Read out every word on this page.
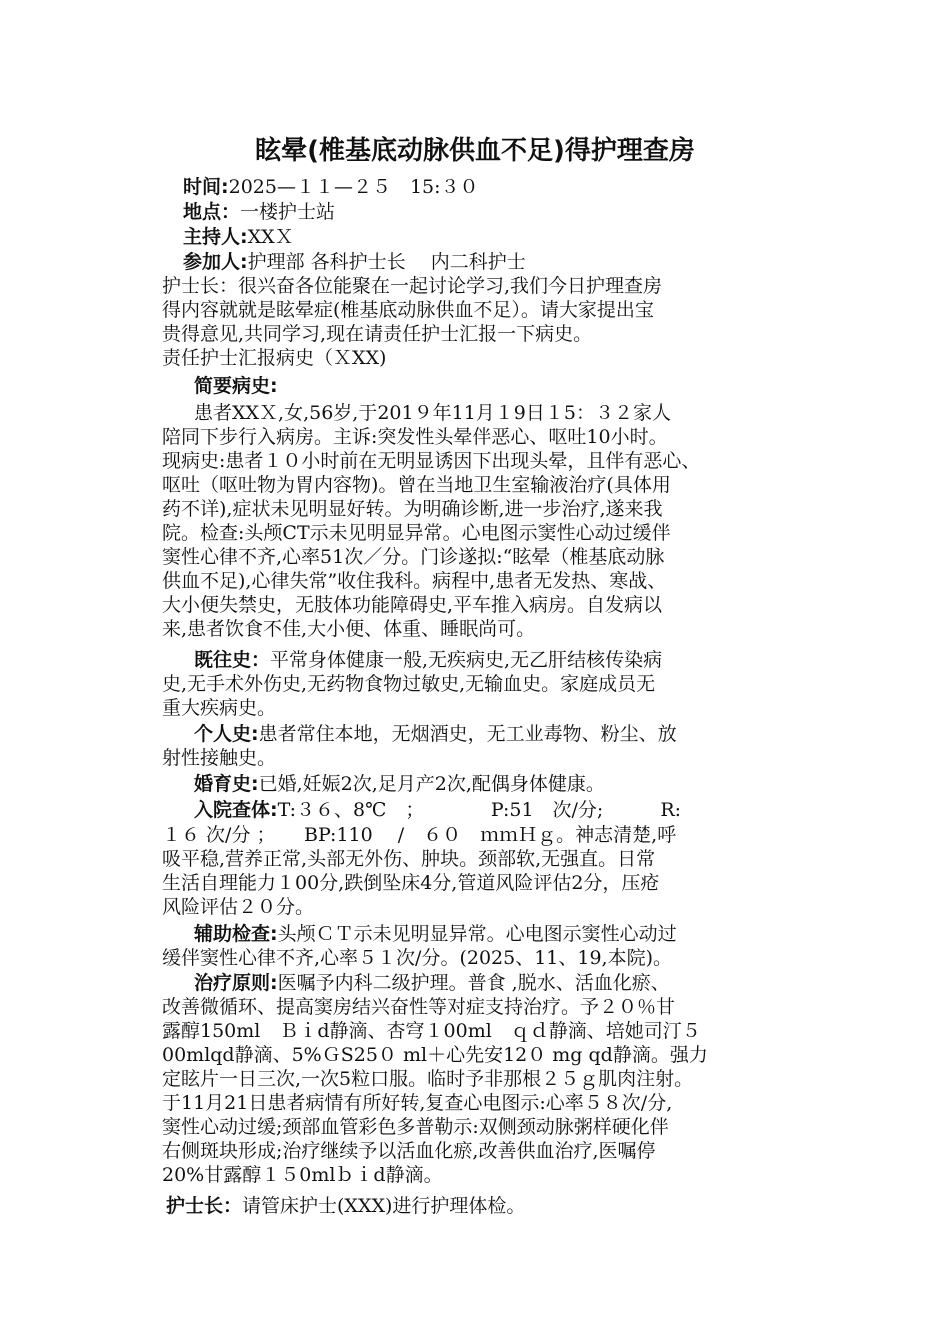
眩晕(椎基底动脉供血不足)得护理查房
时间:2025—１１—２５　15:３０
地点：一楼护士站
主持人:XXＸ
参加人:护理部 各科护士长　 内二科护士
护士长：很兴奋各位能聚在一起讨论学习,我们今日护理查房
得内容就就是眩晕症(椎基底动脉供血不足）。请大家提出宝
贵得意见,共同学习,现在请责任护士汇报一下病史。
责任护士汇报病史（ＸXX)
简要病史:
患者XXＸ,女,56岁,于201９年11月１9日１5：３２家人
陪同下步行入病房。主诉:突发性头晕伴恶心、呕吐10小时。
现病史:患者１０小时前在无明显诱因下出现头晕，且伴有恶心、
呕吐（呕吐物为胃内容物)。曾在当地卫生室输液治疗(具体用
药不详),症状未见明显好转。为明确诊断,进一步治疗,遂来我
院。检查:头颅CT示未见明显异常。心电图示窦性心动过缓伴
窦性心律不齐,心率51次／分。门诊遂拟:“眩晕（椎基底动脉
供血不足),心律失常”收住我科。病程中,患者无发热、寒战、
大小便失禁史，无肢体功能障碍史,平车推入病房。自发病以
来,患者饮食不佳,大小便、体重、睡眠尚可。
既往史：平常身体健康一般,无疾病史,无乙肝结核传染病
史,无手术外伤史,无药物食物过敏史,无输血史。家庭成员无
重大疾病史。
个人史:患者常住本地，无烟酒史，无工业毒物、粉尘、放
射性接触史。
婚育史:已婚,妊娠2次,足月产2次,配偶身体健康。
入院查体:T:３６、8℃　；　　　　P:51　次/分;　　　R:
１６ 次/分 ；　　BP:110　 /　６０　ｍｍＨｇ。神志清楚,呼
吸平稳,营养正常,头部无外伤、肿块。颈部软,无强直。日常
生活自理能力１00分,跌倒坠床4分,管道风险评估2分，压疮
风险评估２０分。
辅助检查:头颅ＣＴ示未见明显异常。心电图示窦性心动过
缓伴窦性心律不齐,心率５１次/分。(2025、11、19,本院)。
治疗原则:医嘱予内科二级护理。普食 ,脱水、活血化瘀、
改善微循环、提高窦房结兴奋性等对症支持治疗。予２０％甘
露醇150ml　Ｂｉd静滴、杏穹１00ml　ｑｄ静滴、培她司汀５
00mlqd静滴、5%ＧS25０ ml＋心先安12０ mg qd静滴。强力
定眩片一日三次,一次5粒口服。临时予非那根２５ｇ肌肉注射。
于11月21日患者病情有所好转,复查心电图示:心率５８次/分,
窦性心动过缓;颈部血管彩色多普勒示:双侧颈动脉粥样硬化伴
右侧斑块形成;治疗继续予以活血化瘀,改善供血治疗,医嘱停
20%甘露醇１５0mlｂｉd静滴。
护士长：请管床护士(XXX)进行护理体检。
